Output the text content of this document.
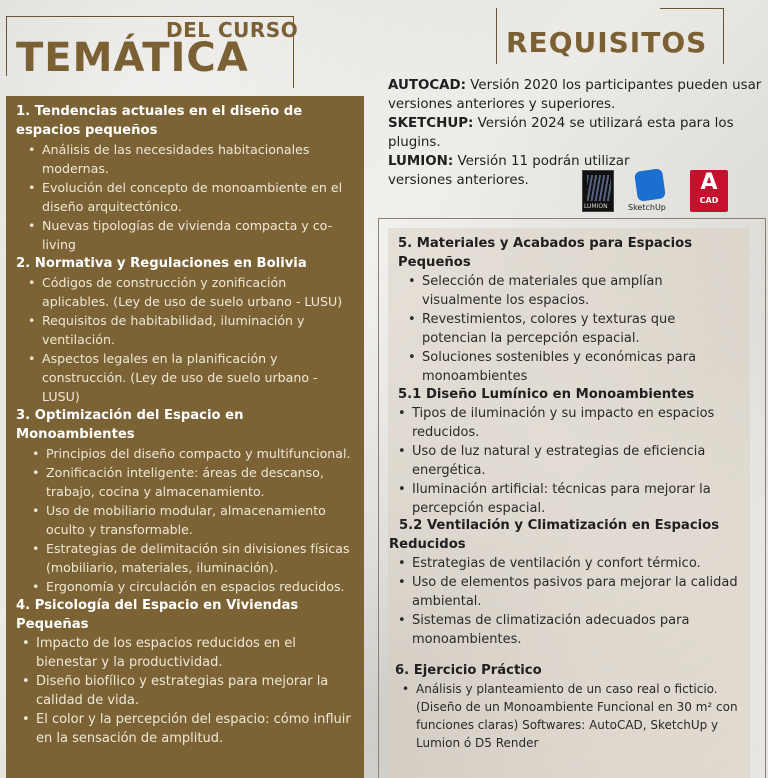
DEL CURSO
TEMÁTICA	REQUISITOS

AUTOCAD: Versión 2020 los participantes pueden usar versiones anteriores y superiores.

SKETCHUP: Versión 2024 se utilizará esta para los plugins.

LUMION: Versión 11 podrán utilizar versiones anteriores.

LUMION	SketchUp
A
CAD
1. Tendencias actuales en el diseño de espacios pequeños
• Análisis de las necesidades habitacionales modernas.
• Evolución del concepto de monoambiente en el diseño arquitectónico.
• Nuevas tipologías de vivienda compacta y co-living
2. Normativa y Regulaciones en Bolivia
• Códigos de construcción y zonificación aplicables. (Ley de uso de suelo urbano - LUSU)
• Requisitos de habitabilidad, iluminación y ventilación.
• Aspectos legales en la planificación y construcción. (Ley de uso de suelo urbano - LUSU)
3. Optimización del Espacio en Monoambientes
• Principios del diseño compacto y multifuncional.
• Zonificación inteligente: áreas de descanso, trabajo, cocina y almacenamiento.
• Uso de mobiliario modular, almacenamiento oculto y transformable.
• Estrategias de delimitación sin divisiones físicas (mobiliario, materiales, iluminación).
• Ergonomía y circulación en espacios reducidos.
4. Psicología del Espacio en Viviendas Pequeñas
• Impacto de los espacios reducidos en el bienestar y la productividad.
• Diseño biofílico y estrategias para mejorar la calidad de vida.
• El color y la percepción del espacio: cómo influir en la sensación de amplitud.
5. Materiales y Acabados para Espacios Pequeños
• Selección de materiales que amplían visualmente los espacios.
• Revestimientos, colores y texturas que potencian la percepción espacial.
• Soluciones sostenibles y económicas para monoambientes
5.1 Diseño Lumínico en Monoambientes
• Tipos de iluminación y su impacto en espacios reducidos.
• Uso de luz natural y estrategias de eficiencia energética.
• Iluminación artificial: técnicas para mejorar la percepción espacial.
5.2 Ventilación y Climatización en Espacios Reducidos
• Estrategias de ventilación y confort térmico.
• Uso de elementos pasivos para mejorar la calidad ambiental.
• Sistemas de climatización adecuados para monoambientes.
6. Ejercicio Práctico
• Análisis y planteamiento de un caso real o ficticio. (Diseño de un Monoambiente Funcional en 30 m² con funciones claras) Softwares: AutoCAD, SketchUp y Lumion ó D5 Render
